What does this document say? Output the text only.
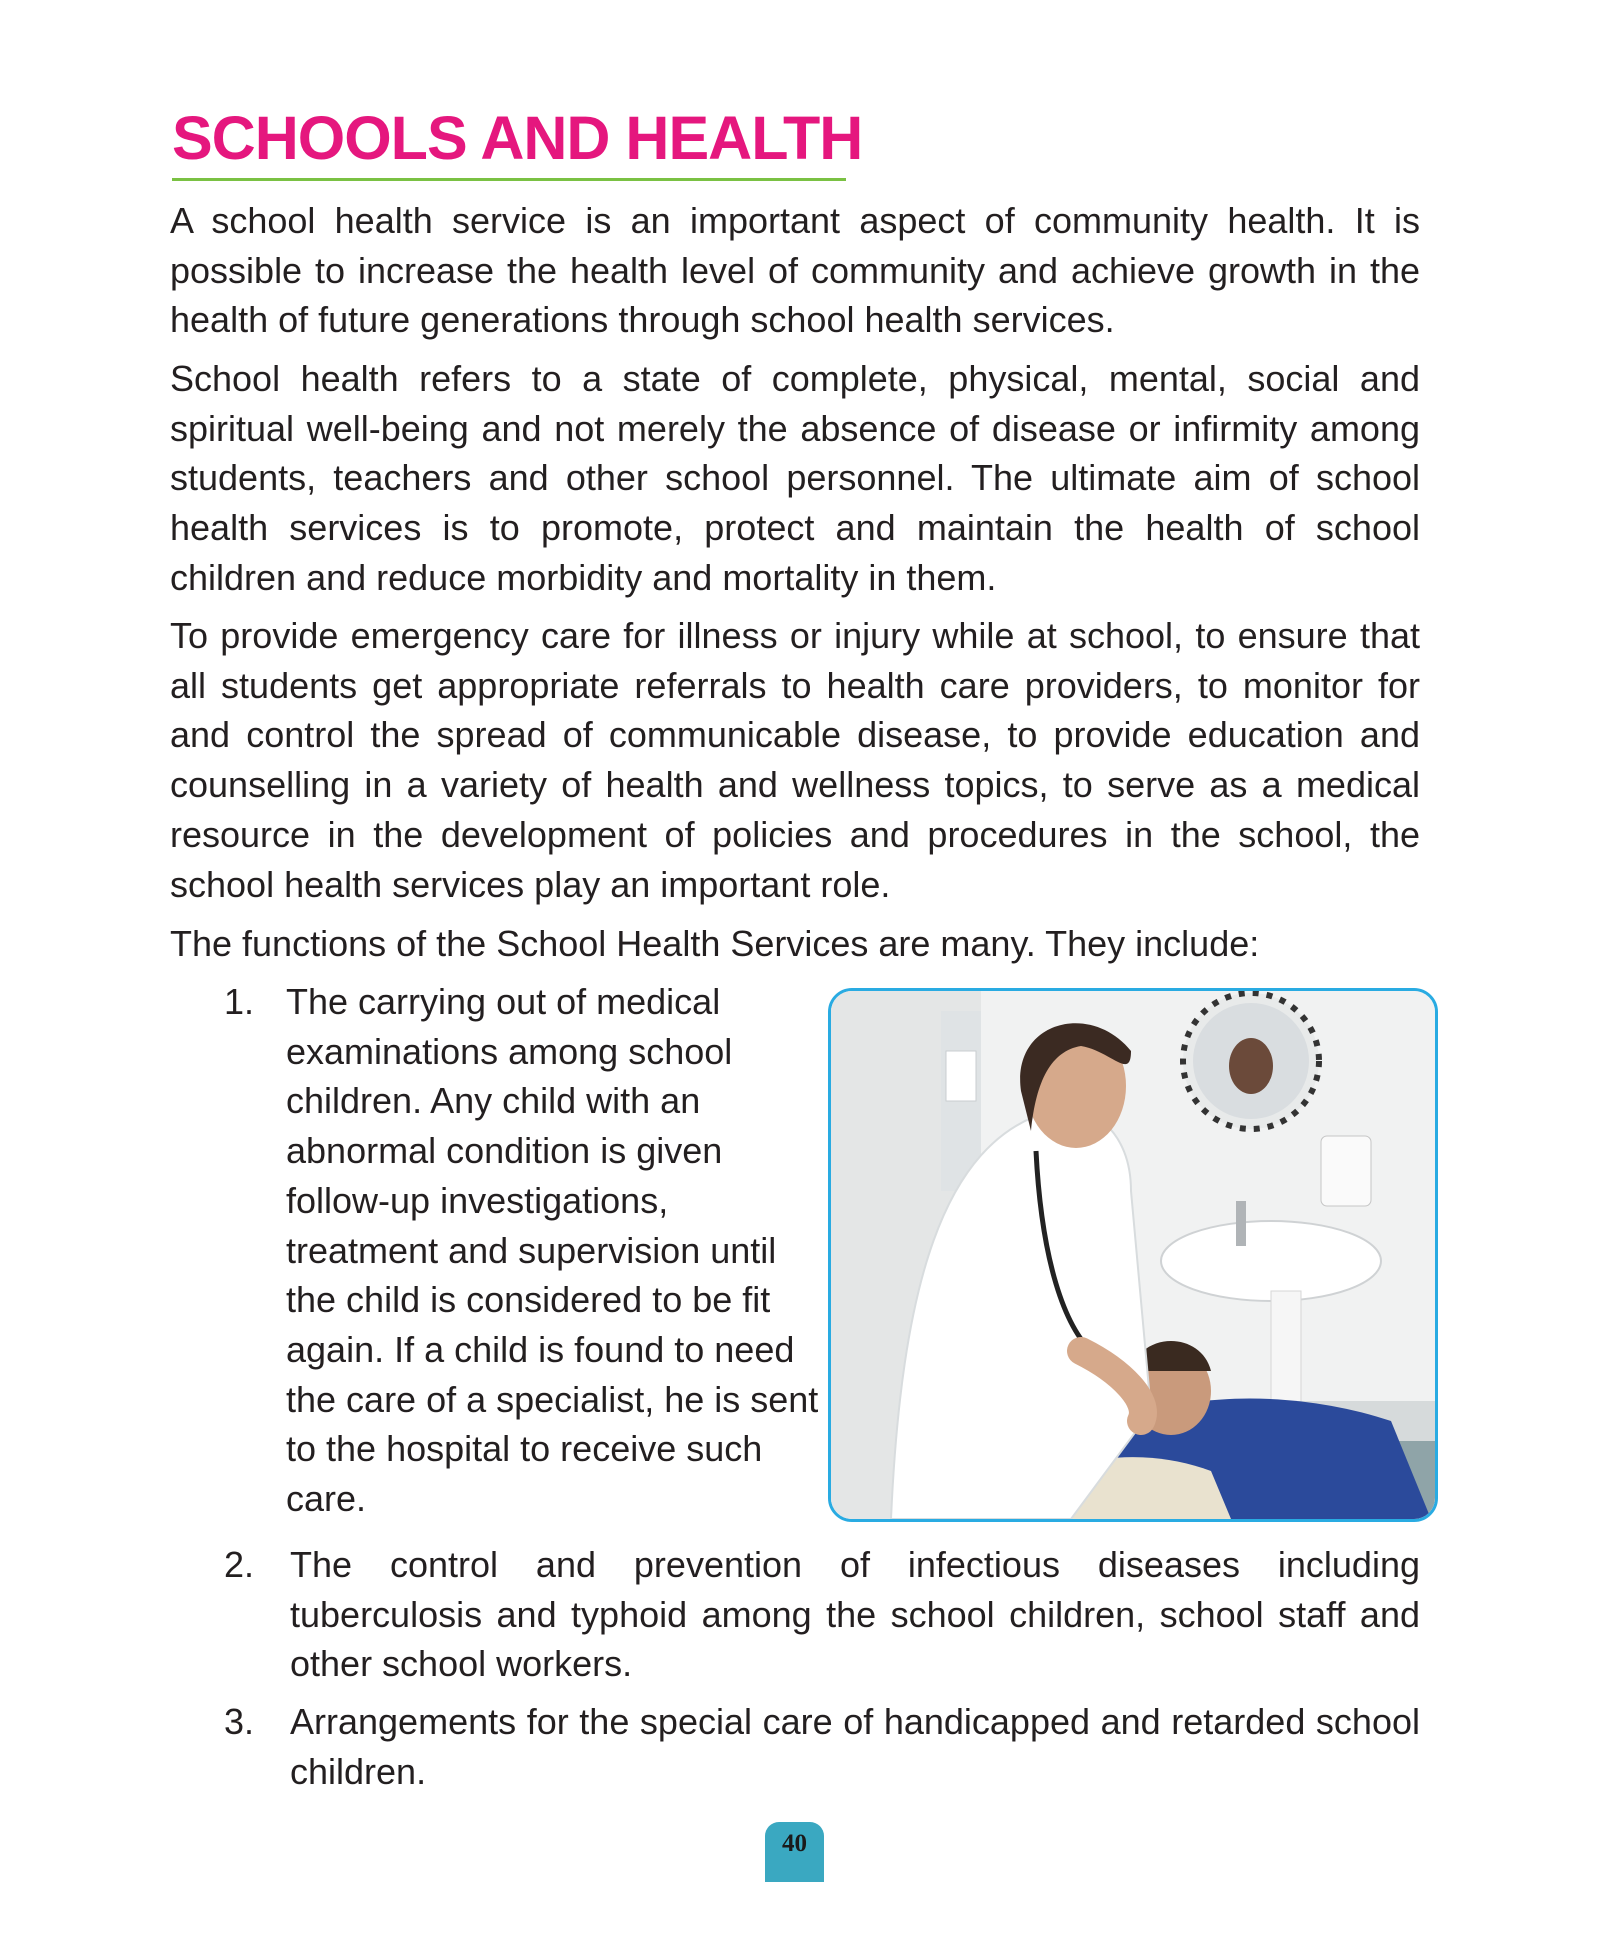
SCHOOLS AND HEALTH

A school health service is an important aspect of community health. It is possible to increase the health level of community and achieve growth in the health of future generations through school health services.

School health refers to a state of complete, physical, mental, social and spiritual well-being and not merely the absence of disease or infirmity among students, teachers and other school personnel. The ultimate aim of school health services is to promote, protect and maintain the health of school children and reduce morbidity and mortality in them.

To provide emergency care for illness or injury while at school, to ensure that all students get appropriate referrals to health care providers, to monitor for and control the spread of communicable disease, to provide education and counselling in a variety of health and wellness topics, to serve as a medical resource in the development of policies and procedures in the school, the school health services play an important role.

The functions of the School Health Services are many. They include:

1. The carrying out of medical examinations among school children. Any child with an abnormal condition is given follow-up investigations, treatment and supervision until the child is considered to be fit again. If a child is found to need the care of a specialist, he is sent to the hospital to receive such care.
2. The control and prevention of infectious diseases including tuberculosis and typhoid among the school children, school staff and other school workers.
3. Arrangements for the special care of handicapped and retarded school children.
40
